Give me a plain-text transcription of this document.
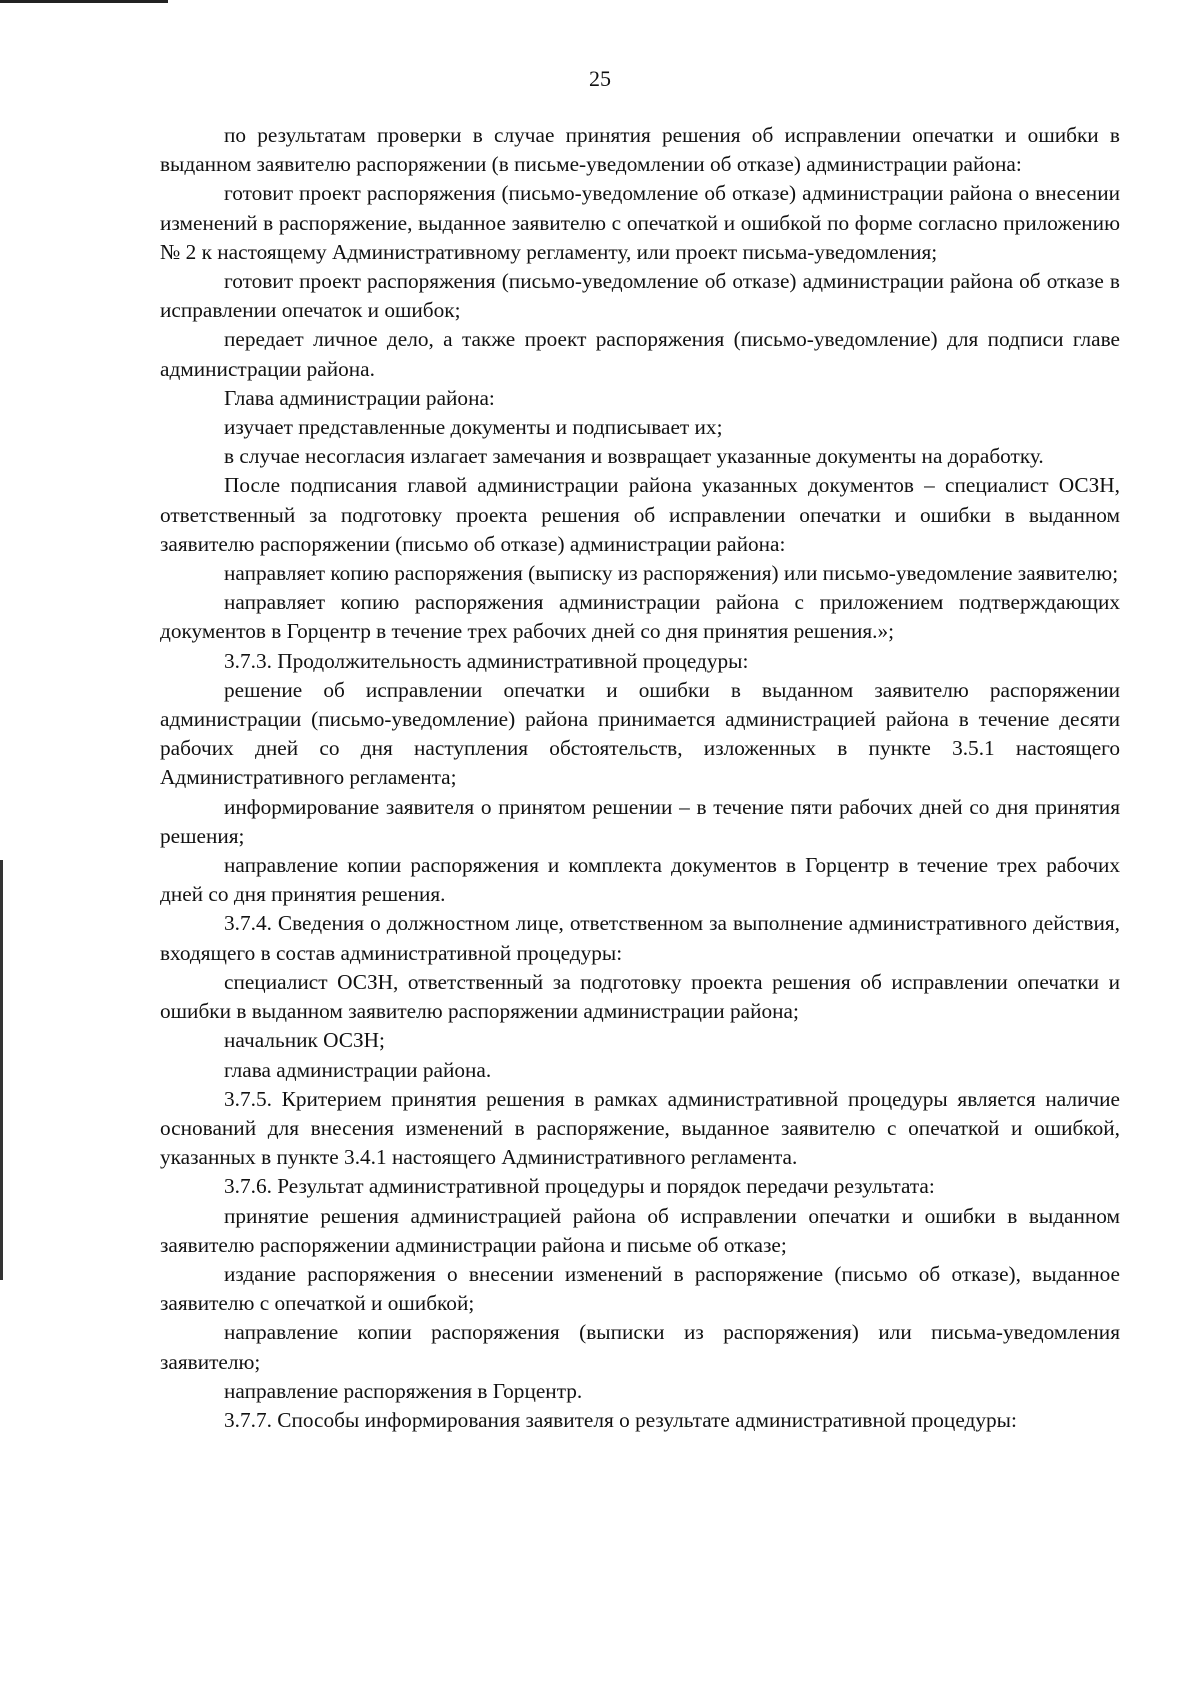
25

по результатам проверки в случае принятия решения об исправлении опечатки и ошибки в выданном заявителю распоряжении (в письме-уведомлении об отказе) администрации района:

готовит проект распоряжения (письмо-уведомление об отказе) администрации района о внесении изменений в распоряжение, выданное заявителю с опечаткой и ошибкой по форме согласно приложению № 2 к настоящему Административному регламенту, или проект письма-уведомления;

готовит проект распоряжения (письмо-уведомление об отказе) администрации района об отказе в исправлении опечаток и ошибок;

передает личное дело, а также проект распоряжения (письмо-уведомление) для подписи главе администрации района.

Глава администрации района:

изучает представленные документы и подписывает их;

в случае несогласия излагает замечания и возвращает указанные документы на доработку.

После подписания главой администрации района указанных документов – специалист ОСЗН, ответственный за подготовку проекта решения об исправлении опечатки и ошибки в выданном заявителю распоряжении (письмо об отказе) администрации района:

направляет копию распоряжения (выписку из распоряжения) или письмо-уведомление заявителю;

направляет копию распоряжения администрации района с приложением подтверждающих документов в Горцентр в течение трех рабочих дней со дня принятия решения.»;

3.7.3. Продолжительность административной процедуры:

решение об исправлении опечатки и ошибки в выданном заявителю распоряжении администрации (письмо-уведомление) района принимается администрацией района в течение десяти рабочих дней со дня наступления обстоятельств, изложенных в пункте 3.5.1 настоящего Административного регламента;

информирование заявителя о принятом решении – в течение пяти рабочих дней со дня принятия решения;

направление копии распоряжения и комплекта документов в Горцентр в течение трех рабочих дней со дня принятия решения.

3.7.4. Сведения о должностном лице, ответственном за выполнение административного действия, входящего в состав административной процедуры:

специалист ОСЗН, ответственный за подготовку проекта решения об исправлении опечатки и ошибки в выданном заявителю распоряжении администрации района;

начальник ОСЗН;

глава администрации района.

3.7.5. Критерием принятия решения в рамках административной процедуры является наличие оснований для внесения изменений в распоряжение, выданное заявителю с опечаткой и ошибкой, указанных в пункте 3.4.1 настоящего Административного регламента.

3.7.6. Результат административной процедуры и порядок передачи результата:

принятие решения администрацией района об исправлении опечатки и ошибки в выданном заявителю распоряжении администрации района и письме об отказе;

издание распоряжения о внесении изменений в распоряжение (письмо об отказе), выданное заявителю с опечаткой и ошибкой;

направление копии распоряжения (выписки из распоряжения) или письма-уведомления заявителю;

направление распоряжения в Горцентр.

3.7.7. Способы информирования заявителя о результате административной процедуры:
